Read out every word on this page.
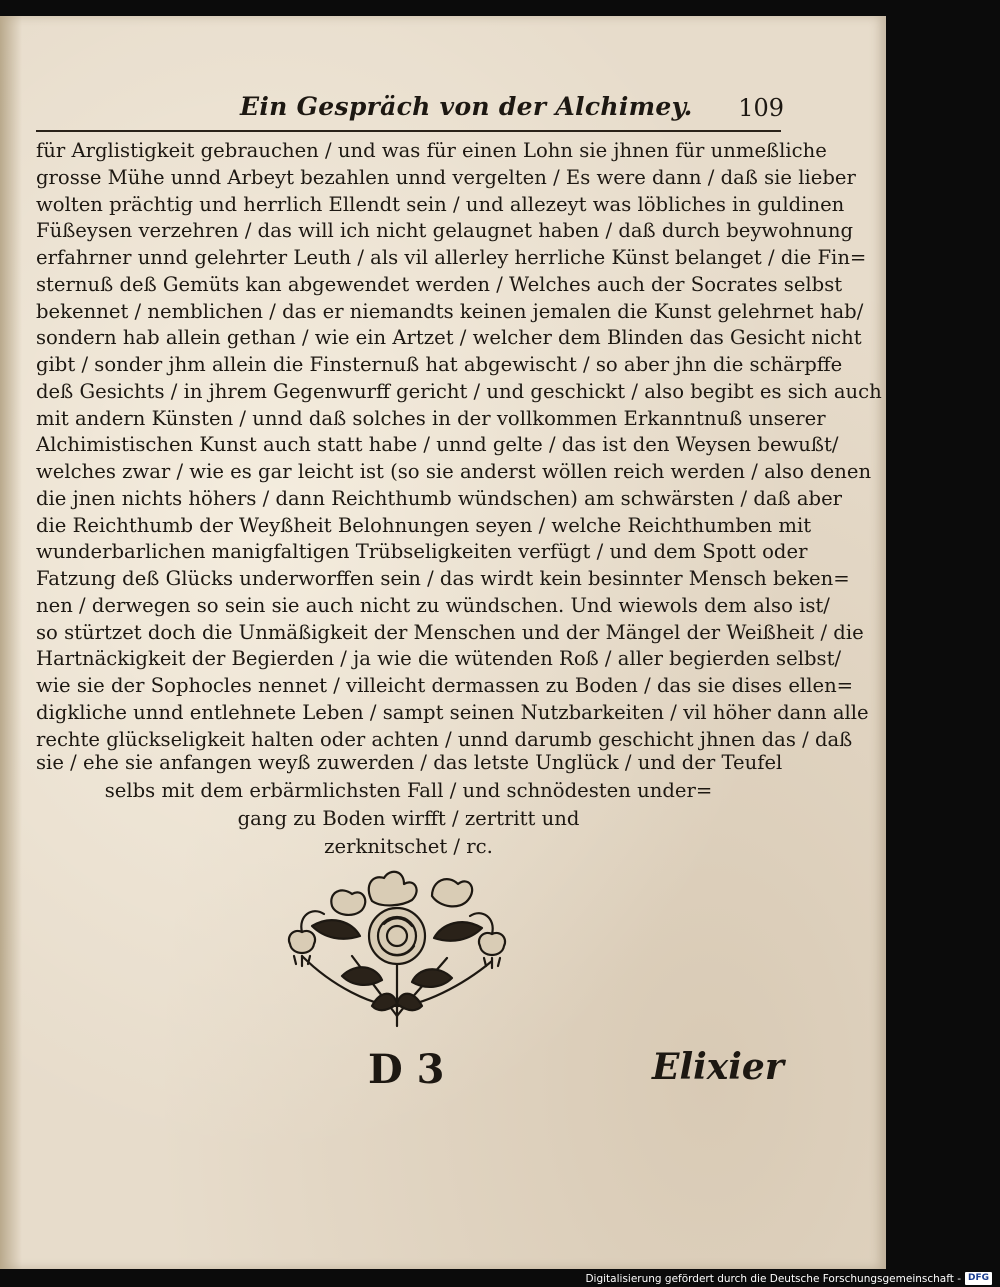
Ein Gespräch von der Alchimey. 109
für Arglistigkeit gebrauchen / und was für einen Lohn sie jhnen für unmeßliche
grosse Mühe unnd Arbeyt bezahlen unnd vergelten / Es were dann / daß sie lieber
wolten prächtig und herrlich Ellendt sein / und allezeyt was löbliches in guldinen
Füßeysen verzehren / das will ich nicht gelaugnet haben / daß durch beywohnung
erfahrner unnd gelehrter Leuth / als vil allerley herrliche Künst belanget / die Fin=
sternuß deß Gemüts kan abgewendet werden / Welches auch der Socrates selbst
bekennet / nemblichen / das er niemandts keinen jemalen die Kunst gelehrnet hab/
sondern hab allein gethan / wie ein Artzet / welcher dem Blinden das Gesicht nicht
gibt / sonder jhm allein die Finsternuß hat abgewischt / so aber jhn die schärpffe
deß Gesichts / in jhrem Gegenwurff gericht / und geschickt / also begibt es sich auch
mit andern Künsten / unnd daß solches in der vollkommen Erkanntnuß unserer
Alchimistischen Kunst auch statt habe / unnd gelte / das ist den Weysen bewußt/
welches zwar / wie es gar leicht ist (so sie anderst wöllen reich werden / also denen
die jnen nichts höhers / dann Reichthumb wündschen) am schwärsten / daß aber
die Reichthumb der Weyßheit Belohnungen seyen / welche Reichthumben mit
wunderbarlichen manigfaltigen Trübseligkeiten verfügt / und dem Spott oder
Fatzung deß Glücks underworffen sein / das wirdt kein besinnter Mensch beken=
nen / derwegen so sein sie auch nicht zu wündschen. Und wiewols dem also ist/
so stürtzet doch die Unmäßigkeit der Menschen und der Mängel der Weißheit / die
Hartnäckigkeit der Begierden / ja wie die wütenden Roß / aller begierden selbst/
wie sie der Sophocles nennet / villeicht dermassen zu Boden / das sie dises ellen=
digkliche unnd entlehnete Leben / sampt seinen Nutzbarkeiten / vil höher dann alle
rechte glückseligkeit halten oder achten / unnd darumb geschicht jhnen das / daß
sie / ehe sie anfangen weyß zuwerden / das letste Unglück / und der Teufel
selbs mit dem erbärmlichsten Fall / und schnödesten under=
gang zu Boden wirfft / zertritt und
zerknitschet / rc.
D 3	Elixier
Digitalisierung gefördert durch die Deutsche Forschungsgemeinschaft - DFG
